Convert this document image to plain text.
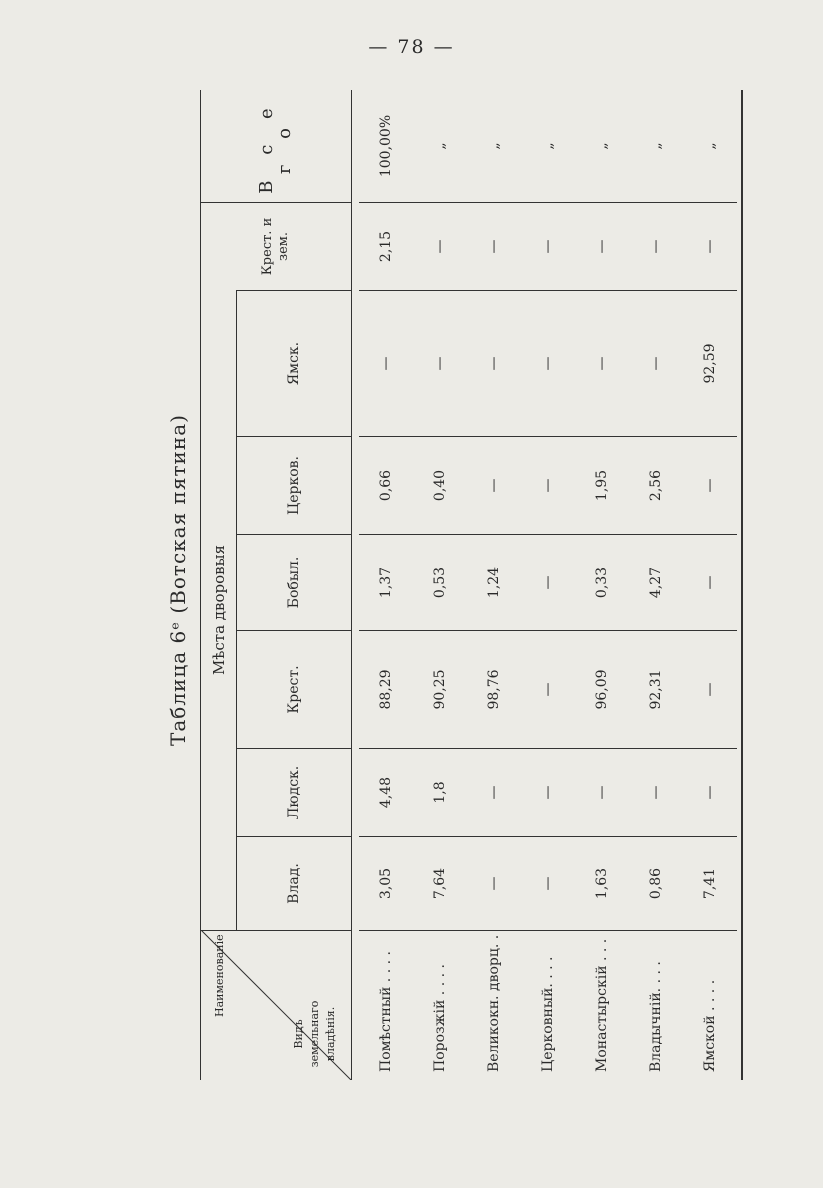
— 78 —
Таблица 6ᵉ (Вотская пятина)
Наименованіе
Видъ земельнаго владѣнія.
Мѣста дворовыя
Влад.
Людск.
Крест.
Бобыл.
Церков.
Ямск.
Крест. и зем.
В с е г о
Помѣстный . . . .
3,05
4,48
88,29
1,37
0,66
—
2,15
100,00%
Порозжій . . . .
7,64
1,8
90,25
0,53
0,40
—
—
„
Великокн. дворц. .
—
—
98,76
1,24
—
—
—
„
Церковный. . . .
—
—
—
—
—
—
—
„
Монастырскій . . .
1,63
—
96,09
0,33
1,95
—
—
„
Владычній. . . .
0,86
—
92,31
4,27
2,56
—
—
„
Ямской . . . .
7,41
—
—
—
—
92,59
—
„
